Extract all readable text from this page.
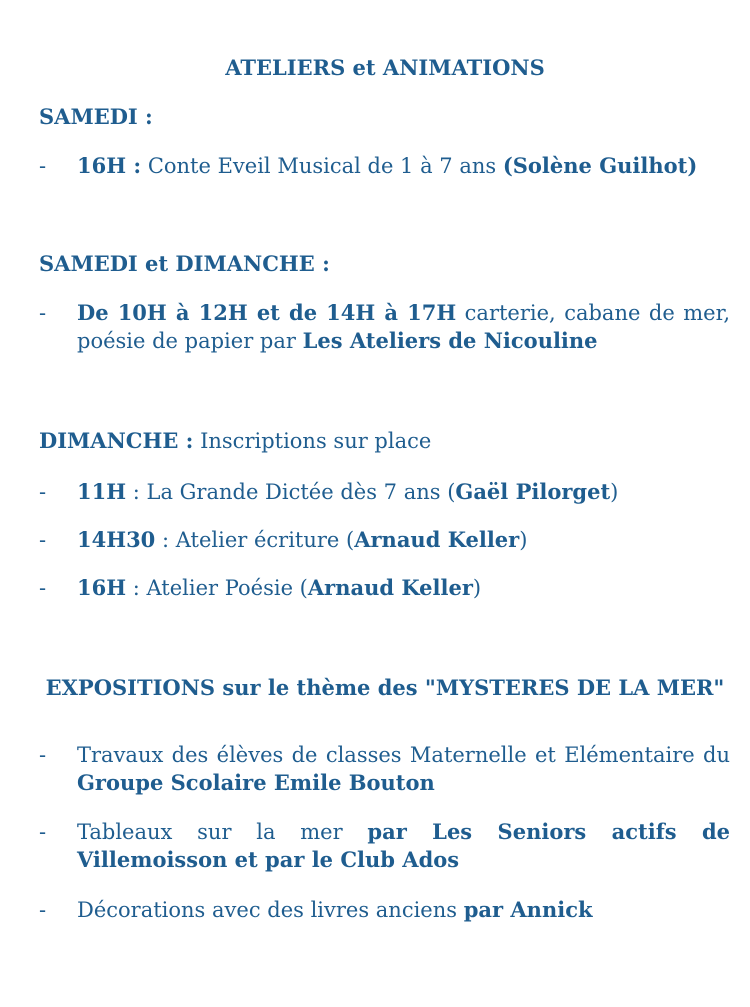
ATELIERS et ANIMATIONS
SAMEDI :
- 16H : Conte Eveil Musical de 1 à 7 ans (Solène Guilhot)
SAMEDI et DIMANCHE :
- De 10H à 12H et de 14H à 17H carterie, cabane de mer, poésie de papier par Les Ateliers de Nicouline
DIMANCHE : Inscriptions sur place
- 11H : La Grande Dictée dès 7 ans (Gaël Pilorget)
- 14H30 : Atelier écriture (Arnaud Keller)
- 16H : Atelier Poésie (Arnaud Keller)
EXPOSITIONS sur le thème des "MYSTERES DE LA MER"
- Travaux des élèves de classes Maternelle et Elémentaire du Groupe Scolaire Emile Bouton
- Tableaux sur la mer par Les Seniors actifs de Villemoisson et par le Club Ados
- Décorations avec des livres anciens par Annick
